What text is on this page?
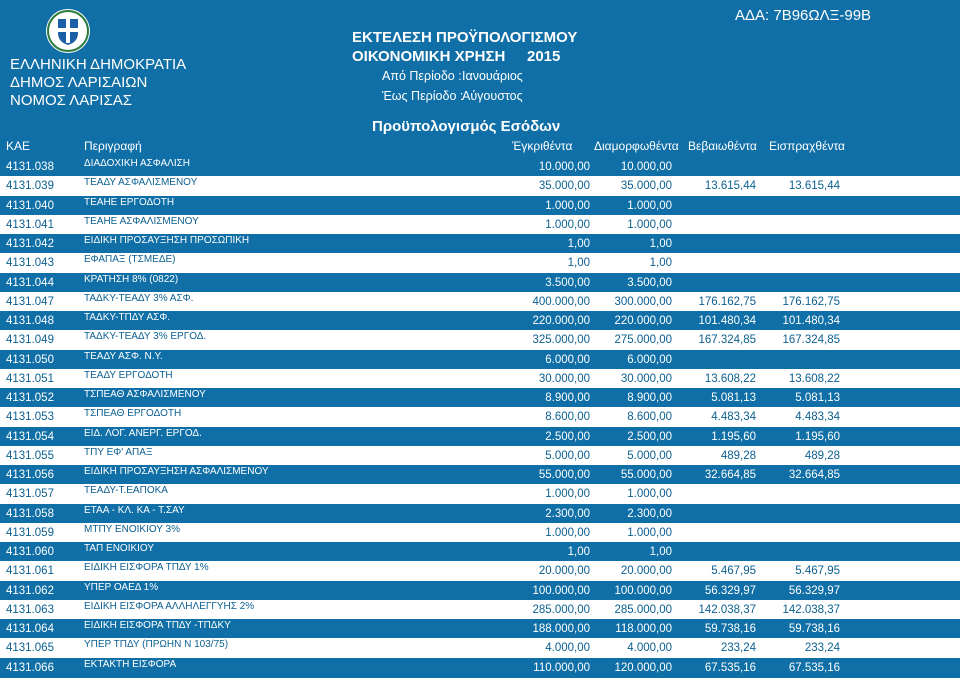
ΕΛΛΗΝΙΚΗ ΔΗΜΟΚΡΑΤΙΑ
ΔΗΜΟΣ ΛΑΡΙΣΑΙΩΝ
ΝΟΜΟΣ ΛΑΡΙΣΑΣ
ΕΚΤΕΛΕΣΗ ΠΡΟΫΠΟΛΟΓΙΣΜΟΥ
ΟΙΚΟΝΟΜΙΚΗ ΧΡΗΣΗ 2015
Από Περίοδο : Ιανουάριος
Έως Περίοδο :
Αύγουστος
ΑΔΑ: 7Β96ΩΛΞ-99Β
Προϋπολογισμός Εσόδων
ΚΑΕ	Περιγραφή	Έγκριθέντα Διαμορφωθέντα Βεβαιωθέντα Εισπραχθέντα
4131.038	ΔΙΑΔΟΧΙΚΗ ΑΣΦΑΛΙΣΗ	10.000,00	10.000,00
4131.039	ΤΕΑΔΥ ΑΣΦΑΛΙΣΜΕΝΟΥ	35.000,00	35.000,00	13.615,44	13.615,44
4131.040	ΤΕΑΗΕ ΕΡΓΟΔΟΤΗ	1.000,00	1.000,00
4131.041	ΤΕΑΗΕ ΑΣΦΑΛΙΣΜΕΝΟΥ	1.000,00	1.000,00
4131.042	ΕΙΔΙΚΗ ΠΡΟΣΑΥΞΗΣΗ ΠΡΟΣΩΠΙΚΗ	1,00	1,00
4131.043	ΕΦΑΠΑΞ (ΤΣΜΕΔΕ)	1,00	1,00
4131.044	ΚΡΑΤΗΣΗ 8% (0822)	3.500,00	3.500,00
4131.047	ΤΑΔΚΥ-ΤΕΑΔΥ 3% ΑΣΦ.	400.000,00	300.000,00	176.162,75	176.162,75
4131.048	ΤΑΔΚΥ-ΤΠΔΥ ΑΣΦ.	220.000,00	220.000,00	101.480,34	101.480,34
4131.049	ΤΑΔΚΥ-ΤΕΑΔΥ 3% ΕΡΓΟΔ.	325.000,00	275.000,00	167.324,85	167.324,85
4131.050	ΤΕΑΔΥ ΑΣΦ. Ν.Υ.	6.000,00	6.000,00
4131.051	ΤΕΑΔΥ ΕΡΓΟΔΟΤΗ	30.000,00	30.000,00	13.608,22	13.608,22
4131.052	ΤΣΠΕΑΘ ΑΣΦΑΛΙΣΜΕΝΟΥ	8.900,00	8.900,00	5.081,13	5.081,13
4131.053	ΤΣΠΕΑΘ ΕΡΓΟΔΟΤΗ	8.600,00	8.600,00	4.483,34	4.483,34
4131.054	ΕΙΔ. ΛΟΓ. ΑΝΕΡΓ. ΕΡΓΟΔ.	2.500,00	2.500,00	1.195,60	1.195,60
4131.055	ΤΠΥ ΕΦ' ΑΠΑΞ	5.000,00	5.000,00	489,28	489,28
4131.056	ΕΙΔΙΚΗ ΠΡΟΣΑΥΞΗΣΗ ΑΣΦΑΛΙΣΜΕΝΟΥ	55.000,00	55.000,00	32.664,85	32.664,85
4131.057	ΤΕΑΔΥ-Τ.ΕΑΠΟΚΑ	1.000,00	1.000,00
4131.058	ΕΤΑΑ - ΚΛ. ΚΑ - Τ.ΣΑΥ	2.300,00	2.300,00
4131.059	ΜΤΠΥ ΕΝΟΙΚΙΟΥ 3%	1.000,00	1.000,00
4131.060	ΤΑΠ ΕΝΟΙΚΙΟΥ	1,00	1,00
4131.061	ΕΙΔΙΚΗ ΕΙΣΦΟΡΑ ΤΠΔΥ 1%	20.000,00	20.000,00	5.467,95	5.467,95
4131.062	ΥΠΕΡ ΟΑΕΔ 1%	100.000,00	100.000,00	56.329,97	56.329,97
4131.063	ΕΙΔΙΚΗ ΕΙΣΦΟΡΑ ΑΛΛΗΛΕΓΓΥΗΣ 2%	285.000,00	285.000,00	142.038,37	142.038,37
4131.064	ΕΙΔΙΚΗ ΕΙΣΦΟΡΑ ΤΠΔΥ -ΤΠΔΚΥ	188.000,00	118.000,00	59.738,16	59.738,16
4131.065	ΥΠΕΡ ΤΠΔΥ (ΠΡΩΗΝ Ν 103/75)	4.000,00	4.000,00	233,24	233,24
4131.066	ΕΚΤΑΚΤΗ ΕΙΣΦΟΡΑ	110.000,00	120.000,00	67.535,16	67.535,16
